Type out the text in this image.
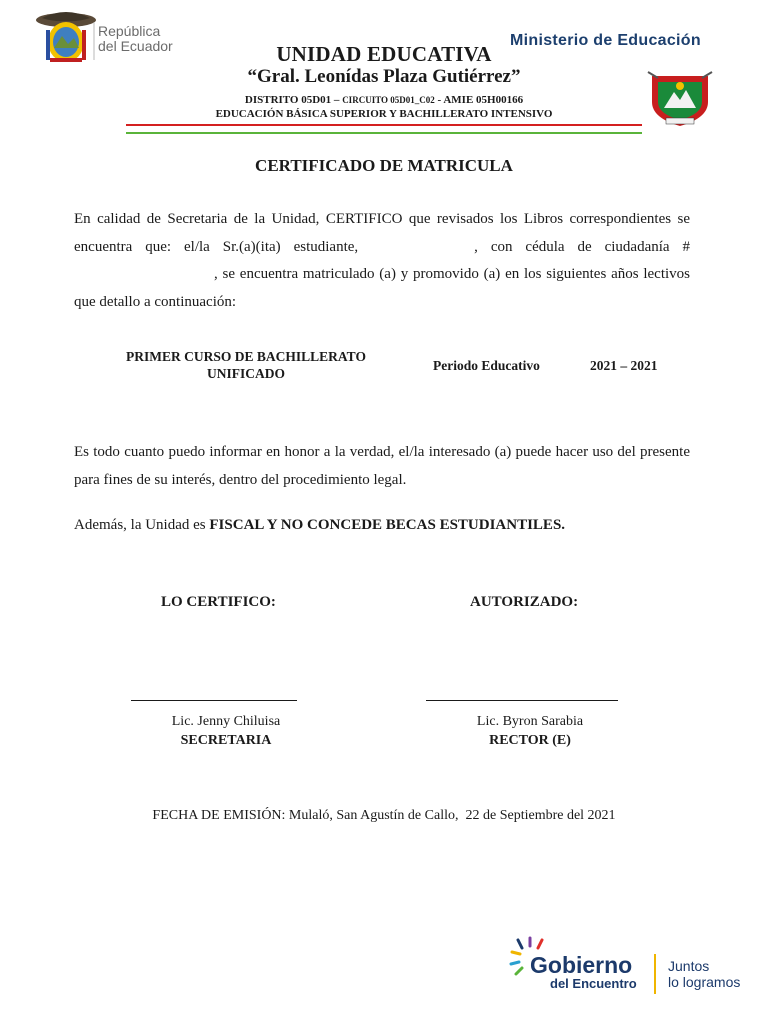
República
del Ecuador	Ministerio de Educación
UNIDAD EDUCATIVA
“Gral. Leonídas Plaza Gutiérrez”
DISTRITO 05D01 – CIRCUITO 05D01_C02 - AMIE 05H00166
EDUCACIÓN BÁSICA SUPERIOR Y BACHILLERATO INTENSIVO
CERTIFICADO DE MATRICULA
En calidad de Secretaria de la Unidad, CERTIFICO que revisados los Libros correspondientes se encuentra que: el/la Sr.(a)(ita) estudiante,	, con cédula de ciudadanía #, se encuentra matriculado (a) y promovido (a) en los siguientes años lectivos que detallo a continuación:
PRIMER CURSO DE BACHILLERATO
UNIFICADO
Periodo Educativo	2021 – 2021
Es todo cuanto puedo informar en honor a la verdad, el/la interesado (a) puede hacer uso del presente para fines de su interés, dentro del procedimiento legal.
Además, la Unidad es FISCAL Y NO CONCEDE BECAS ESTUDIANTILES.
LO CERTIFICO:	AUTORIZADO:
Lic. Jenny Chiluisa
SECRETARIA
Lic. Byron Sarabia
RECTOR (E)
FECHA DE EMISIÓN: Mulaló, San Agustín de Callo,  22 de Septiembre del 2021
Gobierno
del Encuentro
Juntos
lo logramos
